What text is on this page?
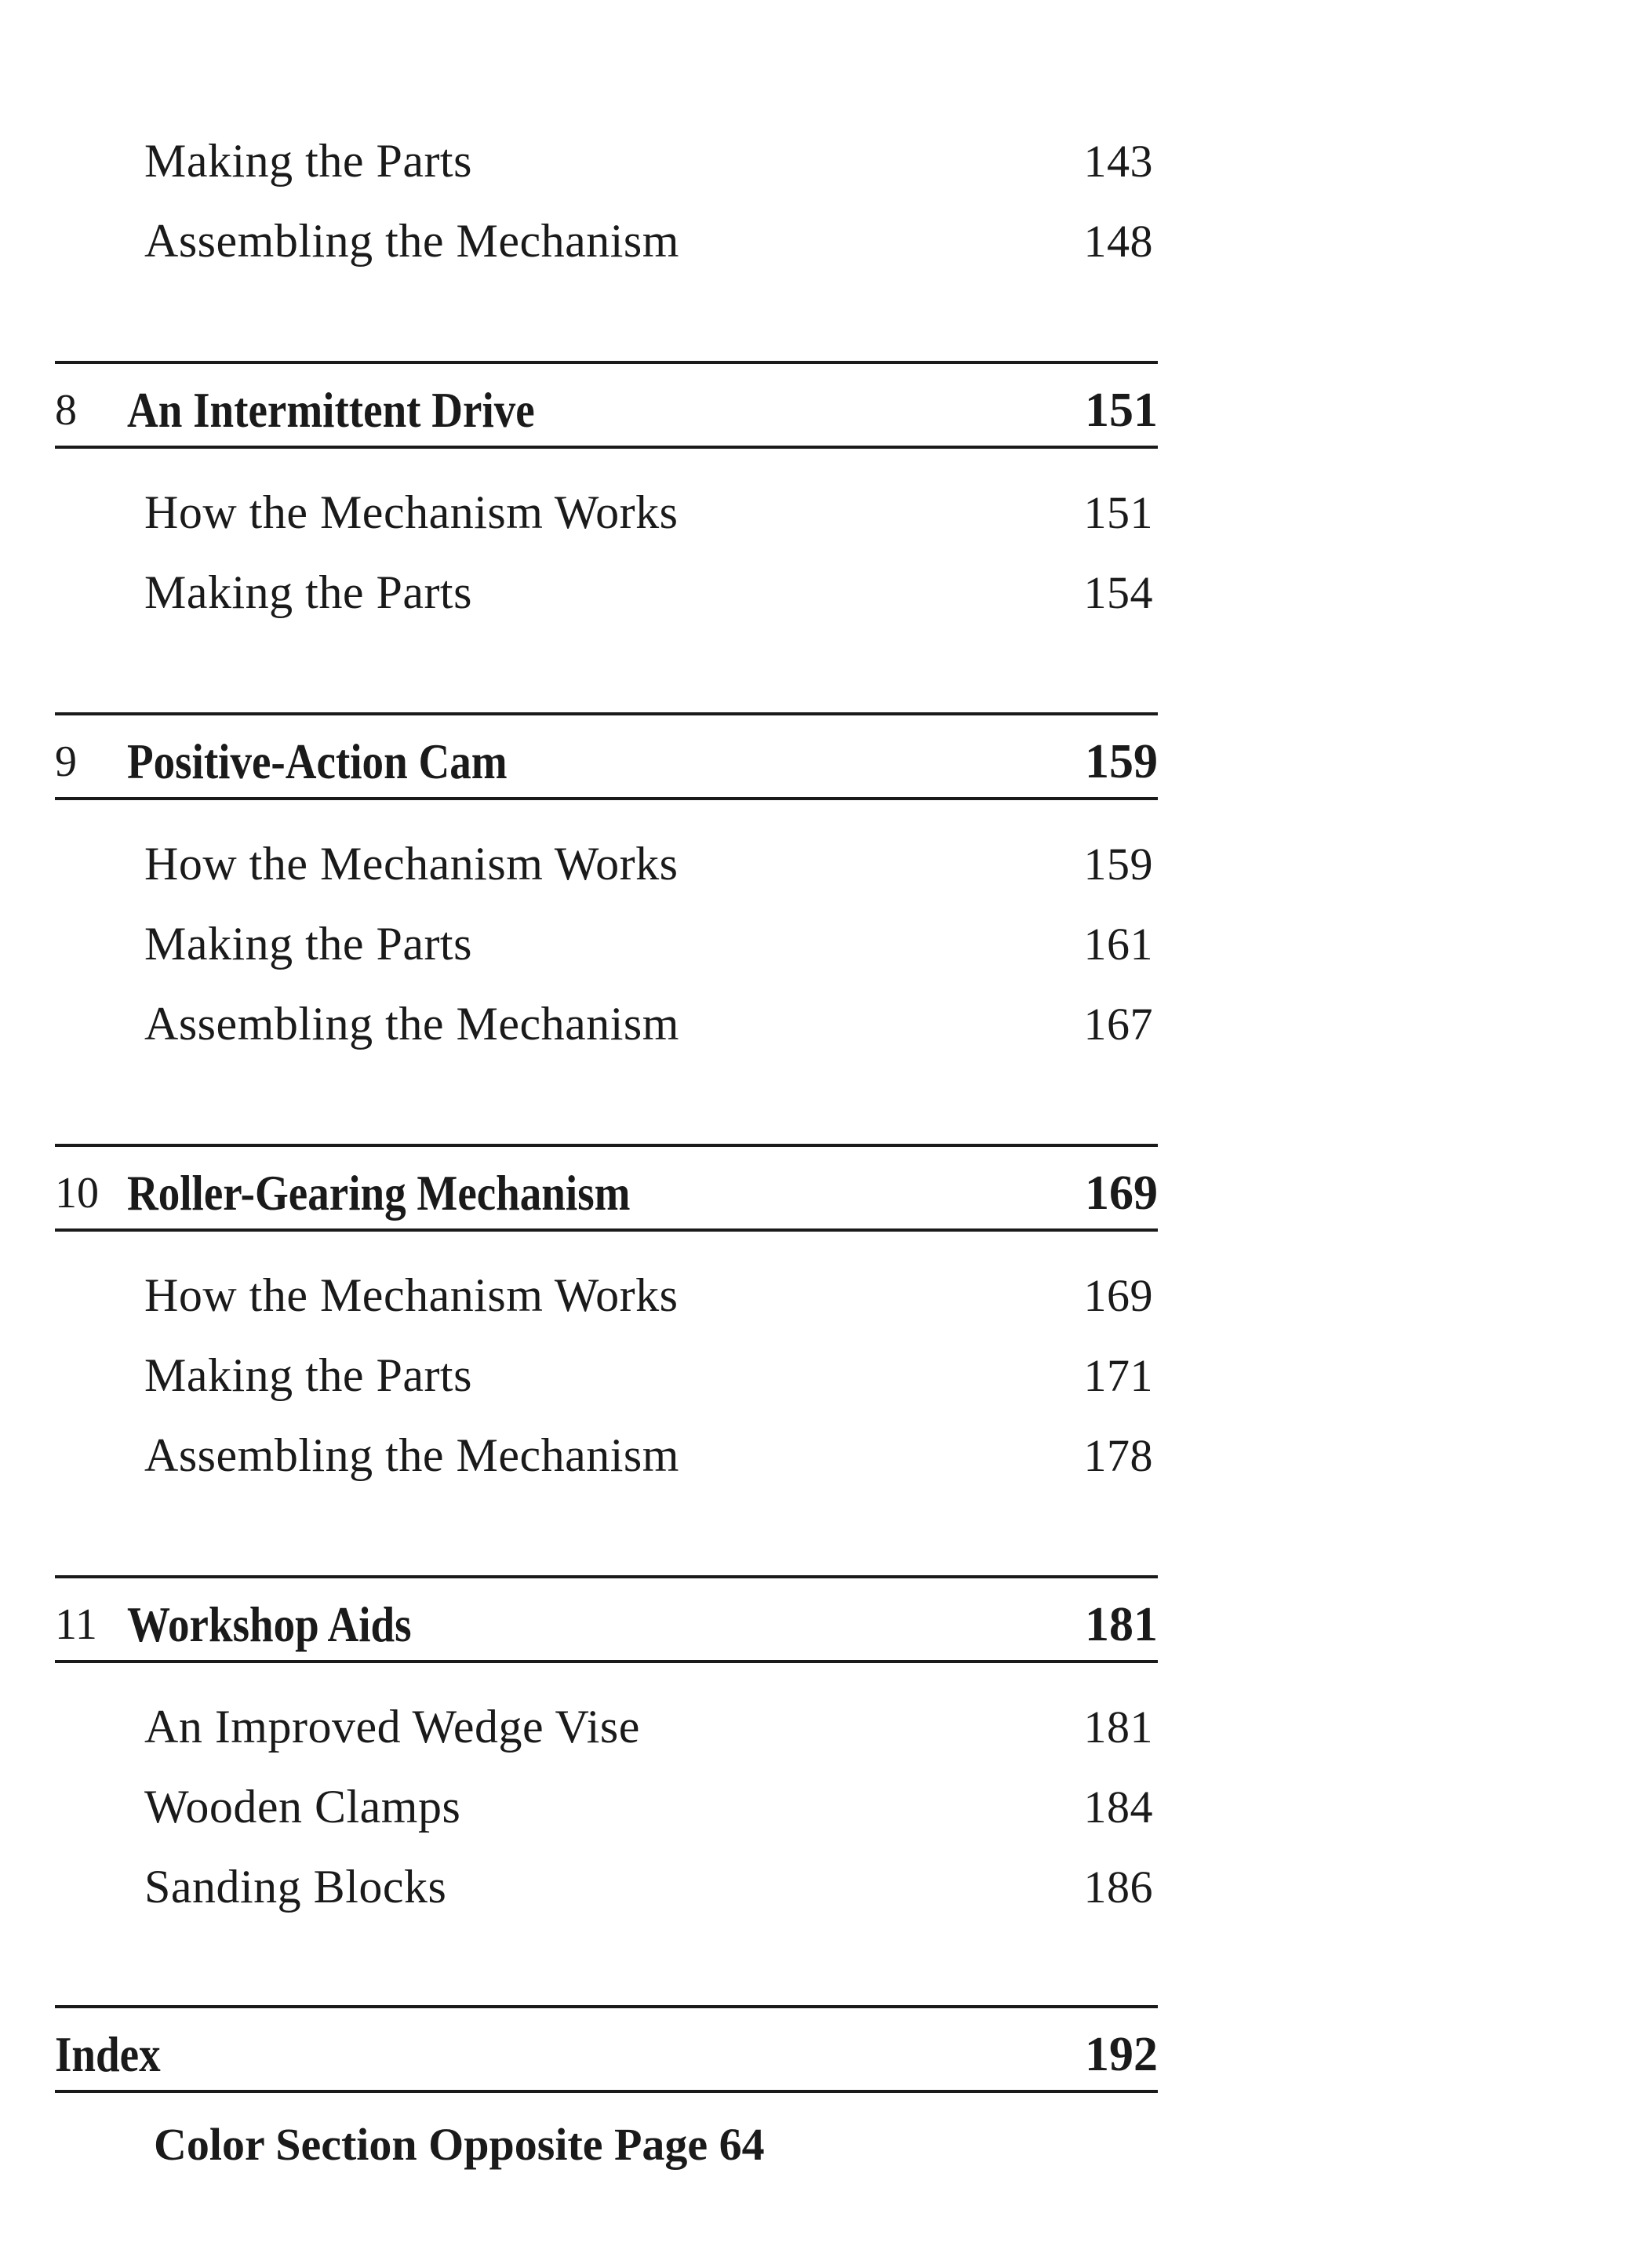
Making the Parts	143
Assembling the Mechanism	148
8	An Intermittent Drive	151
How the Mechanism Works	151
Making the Parts	154
9	Positive-Action Cam	159
How the Mechanism Works	159
Making the Parts	161
Assembling the Mechanism	167
10 Roller-Gearing Mechanism	169
How the Mechanism Works	169
Making the Parts	171
Assembling the Mechanism	178
11 Workshop Aids	181
An Improved Wedge Vise	181
Wooden Clamps	184
Sanding Blocks	186
Index	192
Color Section Opposite Page 64
